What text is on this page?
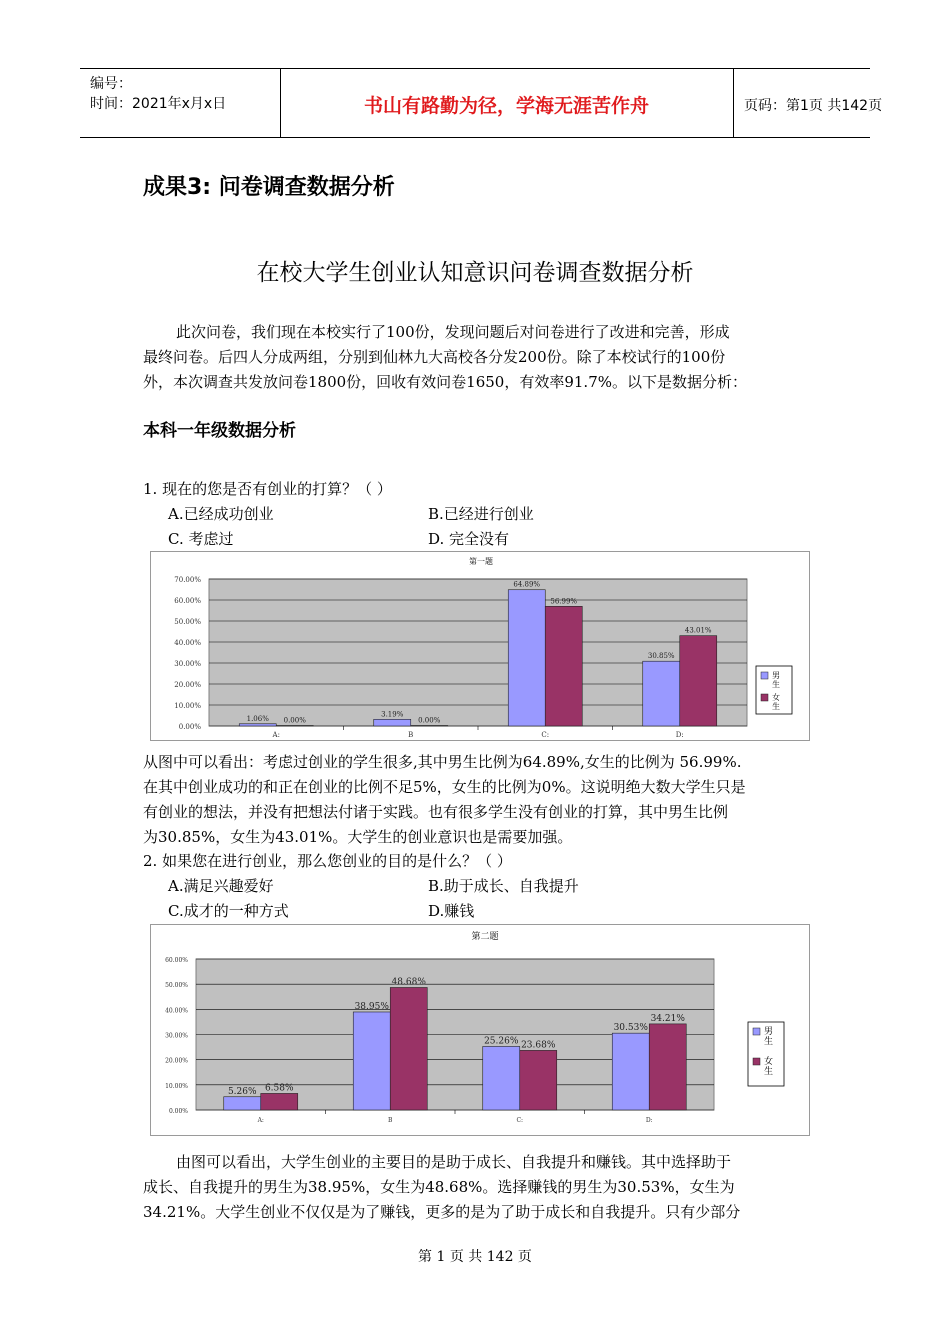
编号：
时间：2021年x月x日	书山有路勤为径，学海无涯苦作舟	页码：第1页 共142页
成果3: 问卷调查数据分析
在校大学生创业认知意识问卷调查数据分析
此次问卷，我们现在本校实行了100份，发现问题后对问卷进行了改进和完善，形成
最终问卷。后四人分成两组，分别到仙林九大高校各分发200份。除了本校试行的100份
外，本次调查共发放问卷1800份，回收有效问卷1650，有效率91.7%。以下是数据分析：
本科一年级数据分析
1. 现在的您是否有创业的打算？（ ）
A.已经成功创业	B.已经进行创业
C. 考虑过	D. 完全没有
第一题
0.00%
10.00%
20.00%
30.00%
40.00%
50.00%
60.00%
70.00%
A:	B	C:	D:
1.06%
3.19%
64.89%
30.85%
0.00%	0.00%
56.99%
43.01%
男
生
女
生
从图中可以看出：考虑过创业的学生很多,其中男生比例为64.89%,女生的比例为 56.99%.
在其中创业成功的和正在创业的比例不足5%，女生的比例为0%。这说明绝大数大学生只是
有创业的想法，并没有把想法付诸于实践。也有很多学生没有创业的打算，其中男生比例
为30.85%，女生为43.01%。大学生的创业意识也是需要加强。
2. 如果您在进行创业，那么您创业的目的是什么？（ ）
A.满足兴趣爱好	B.助于成长、自我提升
C.成才的一种方式	D.赚钱
第二题
0.00%
10.00%
20.00%
30.00%
40.00%
50.00%
60.00%
A:	B	C:	D:
5.26%
38.95%
25.26%
30.53%
6.58%
48.68%
23.68%
34.21%
男
生
女
生
由图可以看出，大学生创业的主要目的是助于成长、自我提升和赚钱。其中选择助于
成长、自我提升的男生为38.95%，女生为48.68%。选择赚钱的男生为30.53%，女生为
34.21%。大学生创业不仅仅是为了赚钱，更多的是为了助于成长和自我提升。只有少部分
第 1 页 共 142 页
